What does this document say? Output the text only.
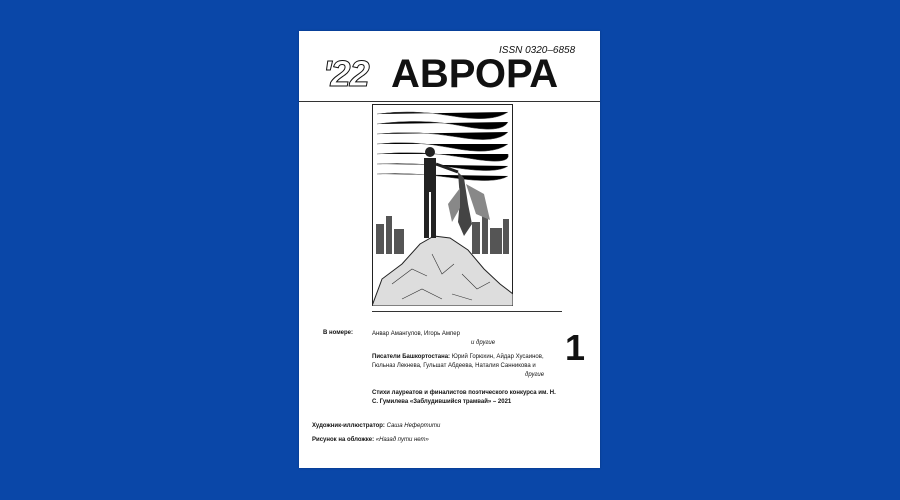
ISSN 0320–6858
'22 АВРОРА
В номере:	Анвар Амангулов, Игорь Ампер
и другие
Писатели Башкортостана: Юрий Горюхин, Айдар Хусаинов, Гюльназ Лекнева, Гульшат Абдеева, Наталия Санникова и
другие
Стихи лауреатов и финалистов поэтического конкурса им. Н. С. Гумилева «Заблудившийся трамвай» – 2021
1
Художник-иллюстратор: Саша Нефертити
Рисунок на обложке: «Назад пути нет»
